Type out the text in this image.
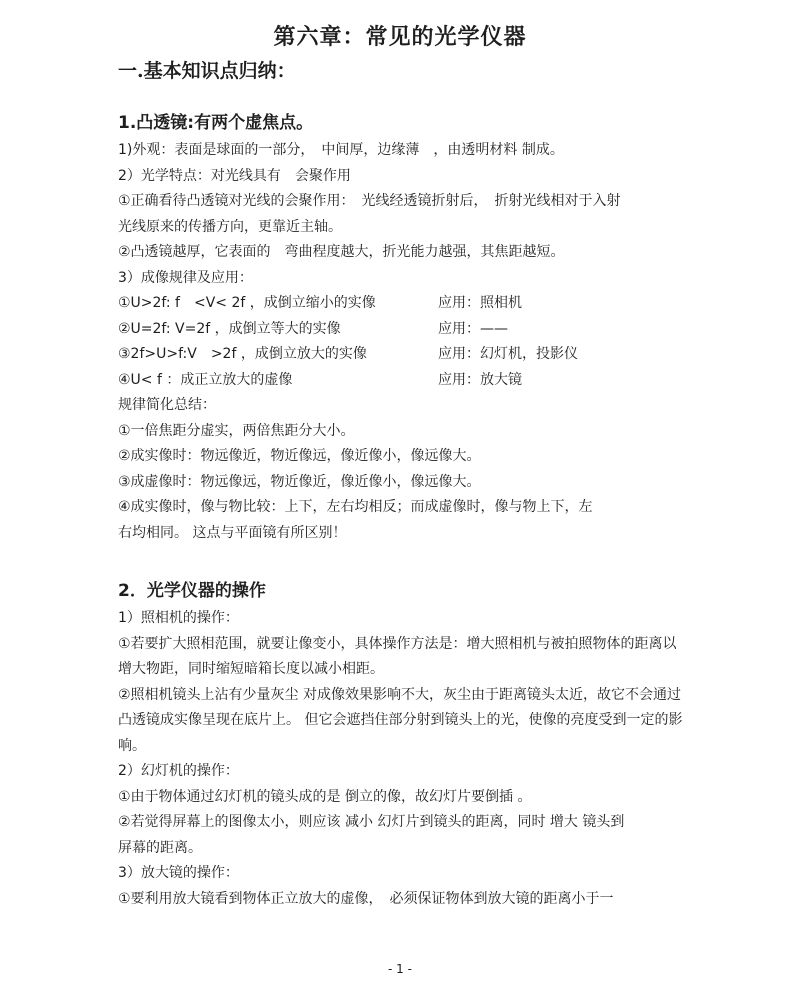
第六章：常见的光学仪器
一.基本知识点归纳：
1.凸透镜:有两个虚焦点。
1)外观：表面是球面的一部分，　中间厚，边缘薄　，由透明材料 制成。
2）光学特点：对光线具有　会聚作用
①正确看待凸透镜对光线的会聚作用：　光线经透镜折射后，　折射光线相对于入射
光线原来的传播方向，更靠近主轴。
②凸透镜越厚，它表面的　弯曲程度越大，折光能力越强，其焦距越短。
3）成像规律及应用：
①U>2f: f　<V< 2f ，成倒立缩小的实像	应用：照相机
②U=2f: V=2f ，成倒立等大的实像	应用：——
③2f>U>f:V　>2f ，成倒立放大的实像	应用：幻灯机，投影仪
④U< f ：成正立放大的虚像	应用：放大镜
规律简化总结：
①一倍焦距分虚实，两倍焦距分大小。
②成实像时：物远像近，物近像远，像近像小，像远像大。
③成虚像时：物远像远，物近像近，像近像小，像远像大。
④成实像时，像与物比较：上下，左右均相反；而成虚像时，像与物上下，左
右均相同。 这点与平面镜有所区别！
2．光学仪器的操作
1）照相机的操作：
①若要扩大照相范围，就要让像变小，具体操作方法是：增大照相机与被拍照物体的距离以
增大物距，同时缩短暗箱长度以减小相距。
②照相机镜头上沾有少量灰尘 对成像效果影响不大，灰尘由于距离镜头太近，故它不会通过
凸透镜成实像呈现在底片上。 但它会遮挡住部分射到镜头上的光，使像的亮度受到一定的影
响。
2）幻灯机的操作：
①由于物体通过幻灯机的镜头成的是 倒立的像，故幻灯片要倒插 。
②若觉得屏幕上的图像太小，则应该 减小 幻灯片到镜头的距离，同时 增大 镜头到
屏幕的距离。
3）放大镜的操作：
①要利用放大镜看到物体正立放大的虚像，　必须保证物体到放大镜的距离小于一
- 1 -
